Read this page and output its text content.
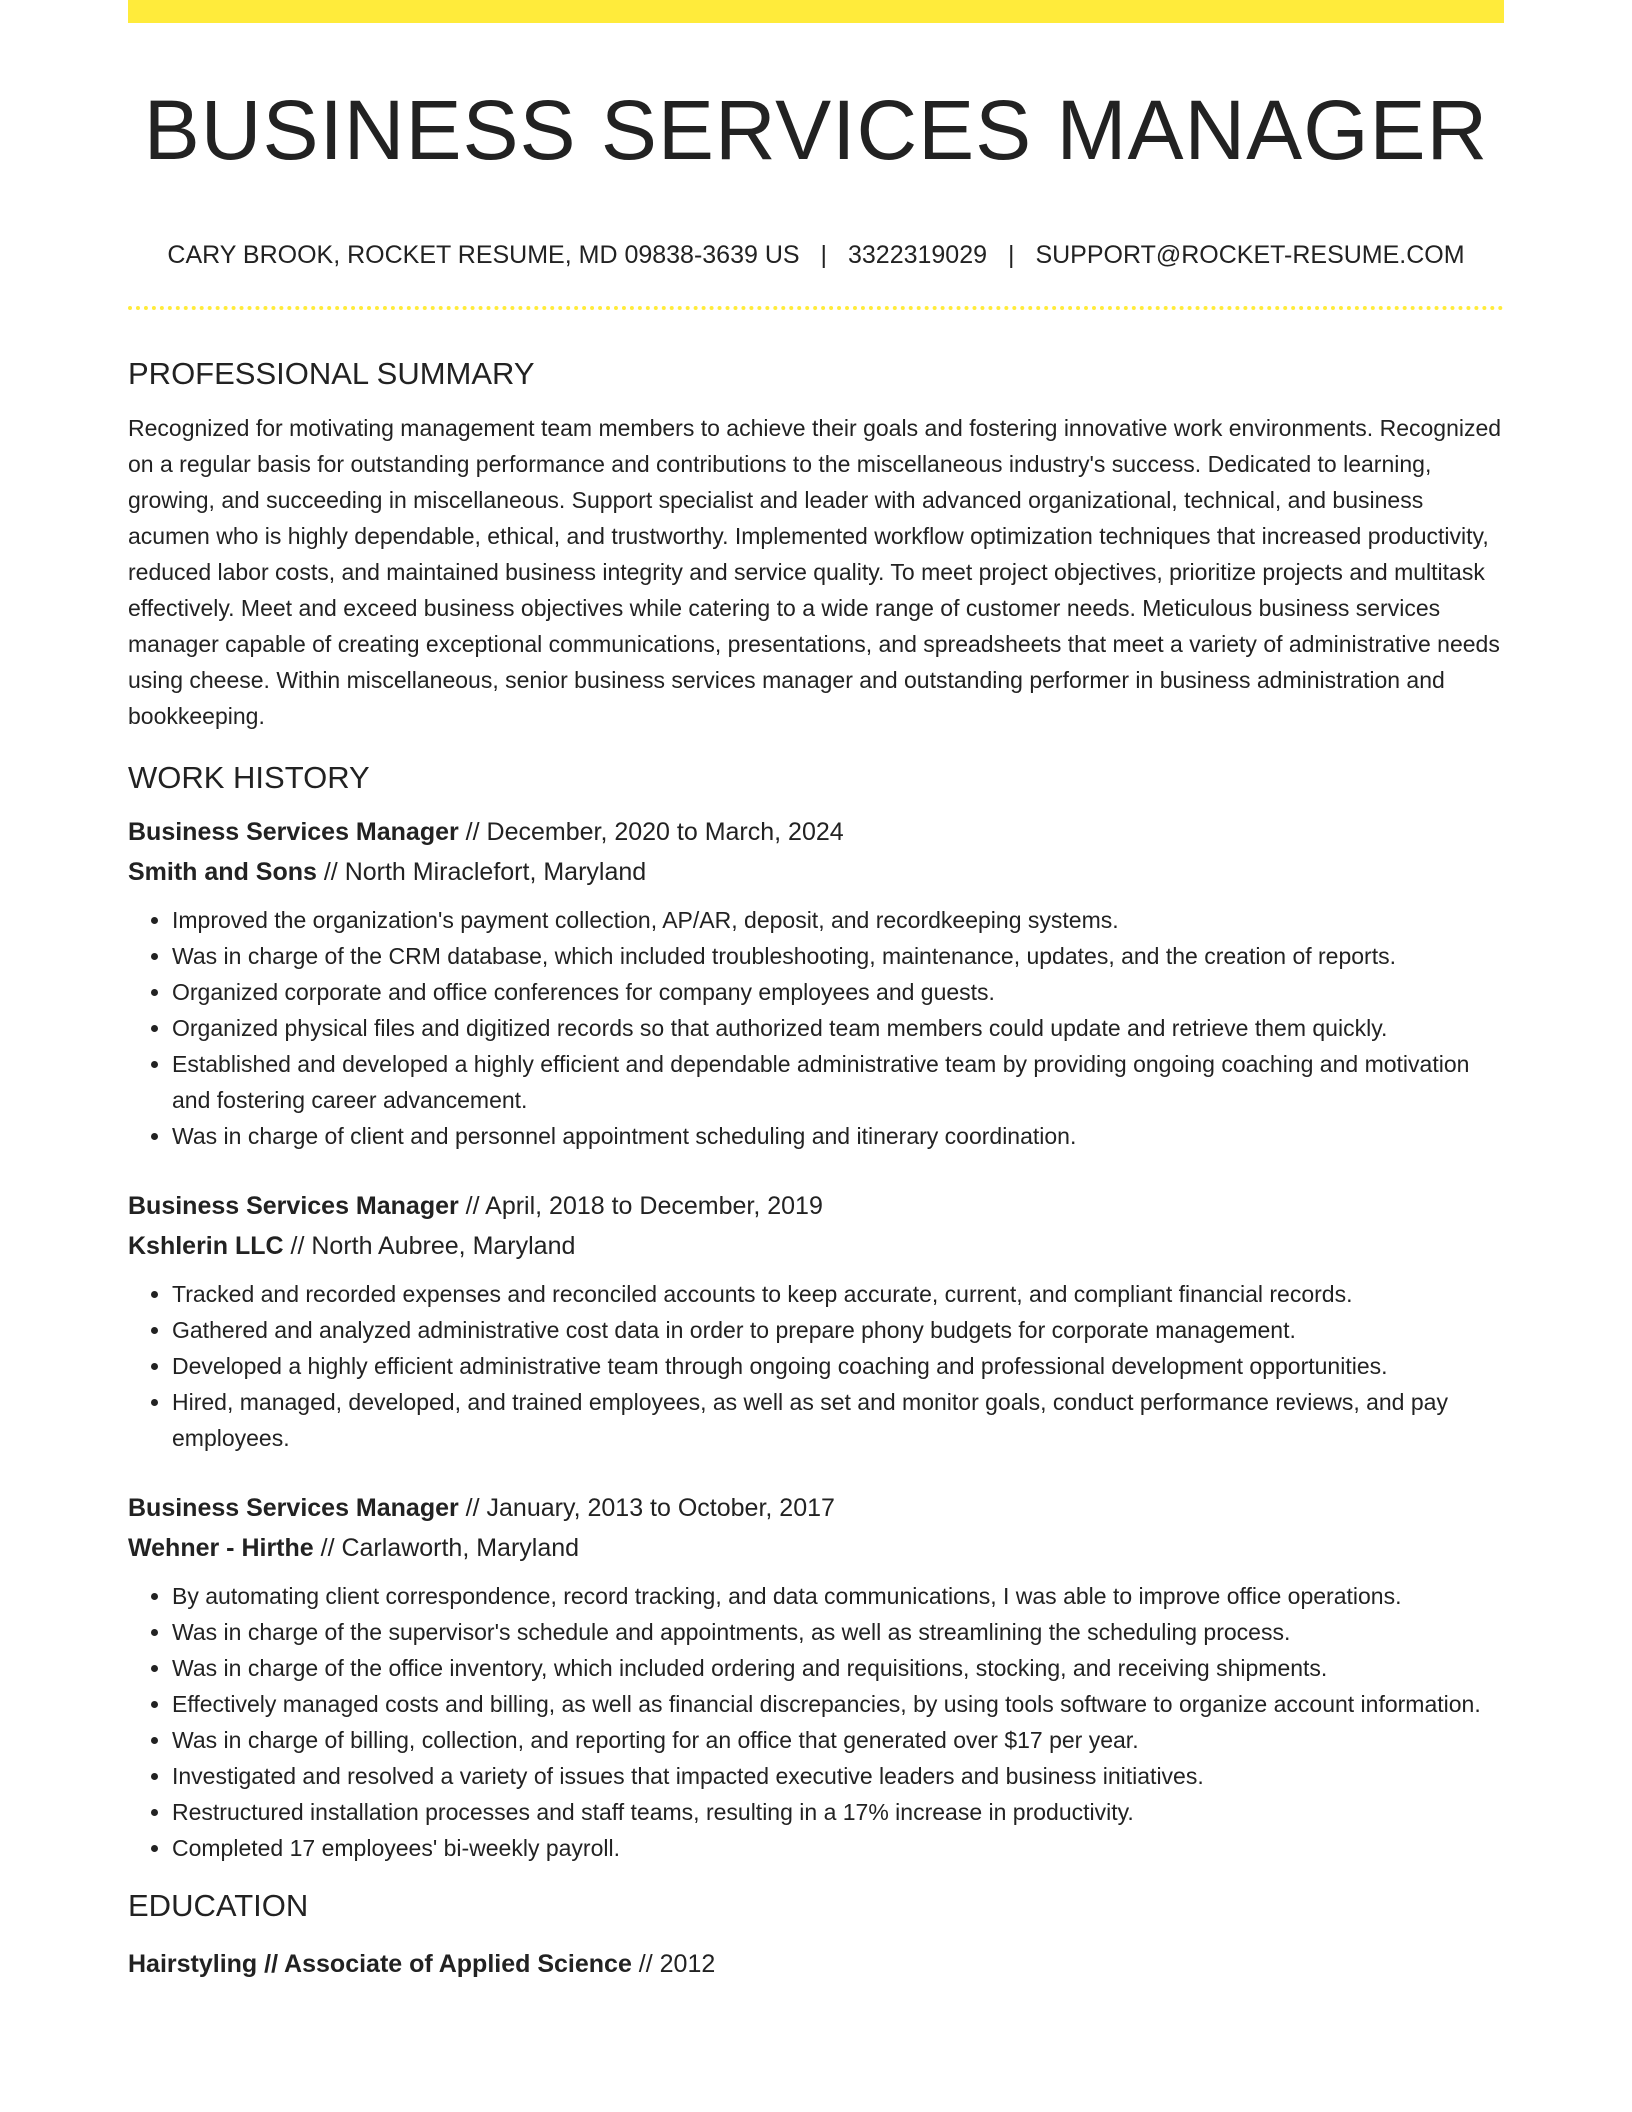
BUSINESS SERVICES MANAGER
CARY BROOK, ROCKET RESUME, MD 09838-3639 US | 3322319029 | SUPPORT@ROCKET-RESUME.COM
PROFESSIONAL SUMMARY

Recognized for motivating management team members to achieve their goals and fostering innovative work environments. Recognized on a regular basis for outstanding performance and contributions to the miscellaneous industry's success. Dedicated to learning, growing, and succeeding in miscellaneous. Support specialist and leader with advanced organizational, technical, and business acumen who is highly dependable, ethical, and trustworthy. Implemented workflow optimization techniques that increased productivity, reduced labor costs, and maintained business integrity and service quality. To meet project objectives, prioritize projects and multitask effectively. Meet and exceed business objectives while catering to a wide range of customer needs. Meticulous business services manager capable of creating exceptional communications, presentations, and spreadsheets that meet a variety of administrative needs using cheese. Within miscellaneous, senior business services manager and outstanding performer in business administration and bookkeeping.

WORK HISTORY
Business Services Manager // December, 2020 to March, 2024
Smith and Sons // North Miraclefort, Maryland
• Improved the organization's payment collection, AP/AR, deposit, and recordkeeping systems.
• Was in charge of the CRM database, which included troubleshooting, maintenance, updates, and the creation of reports.
• Organized corporate and office conferences for company employees and guests.
• Organized physical files and digitized records so that authorized team members could update and retrieve them quickly.
• Established and developed a highly efficient and dependable administrative team by providing ongoing coaching and motivation and fostering career advancement.
• Was in charge of client and personnel appointment scheduling and itinerary coordination.
Business Services Manager // April, 2018 to December, 2019
Kshlerin LLC // North Aubree, Maryland
• Tracked and recorded expenses and reconciled accounts to keep accurate, current, and compliant financial records.
• Gathered and analyzed administrative cost data in order to prepare phony budgets for corporate management.
• Developed a highly efficient administrative team through ongoing coaching and professional development opportunities.
• Hired, managed, developed, and trained employees, as well as set and monitor goals, conduct performance reviews, and pay employees.
Business Services Manager // January, 2013 to October, 2017
Wehner - Hirthe // Carlaworth, Maryland
• By automating client correspondence, record tracking, and data communications, I was able to improve office operations.
• Was in charge of the supervisor's schedule and appointments, as well as streamlining the scheduling process.
• Was in charge of the office inventory, which included ordering and requisitions, stocking, and receiving shipments.
• Effectively managed costs and billing, as well as financial discrepancies, by using tools software to organize account information.
• Was in charge of billing, collection, and reporting for an office that generated over $17 per year.
• Investigated and resolved a variety of issues that impacted executive leaders and business initiatives.
• Restructured installation processes and staff teams, resulting in a 17% increase in productivity.
• Completed 17 employees' bi-weekly payroll.
EDUCATION
Hairstyling // Associate of Applied Science // 2012
